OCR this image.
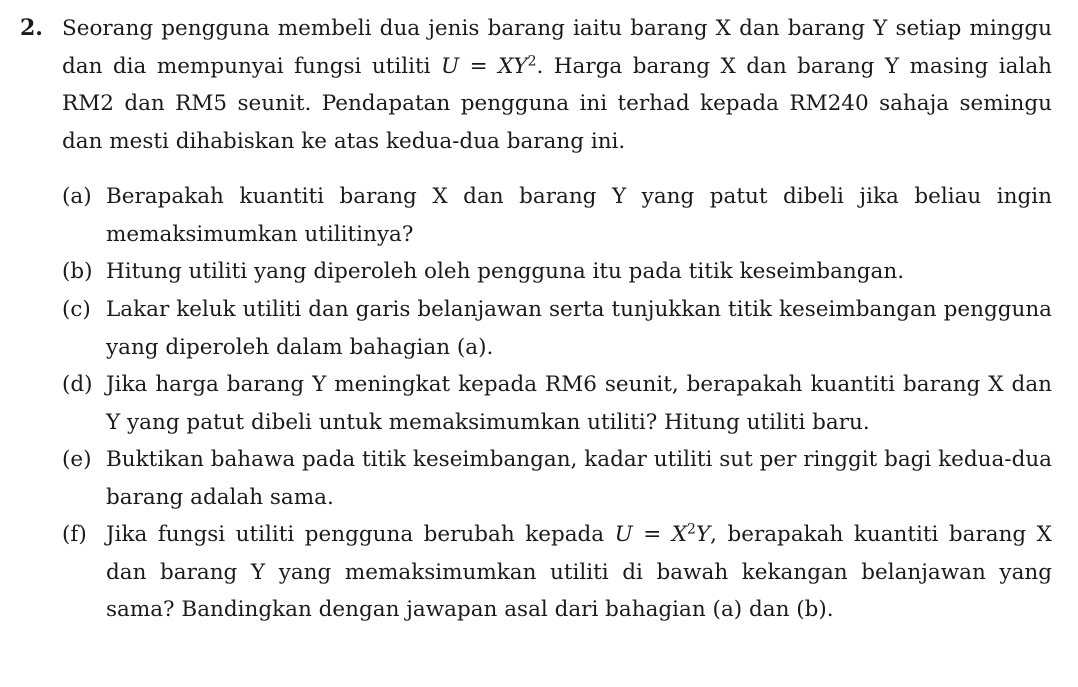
2. Seorang pengguna membeli dua jenis barang iaitu barang X dan barang Y setiap minggu dan dia mempunyai fungsi utiliti $U = XY^2$. Harga barang X dan barang Y masing ialah RM2 dan RM5 seunit. Pendapatan pengguna ini terhad kepada RM240 sahaja semingu dan mesti dihabiskan ke atas kedua-dua barang ini.
(a) Berapakah kuantiti barang X dan barang Y yang patut dibeli jika beliau ingin memaksimumkan utilitinya?
(b) Hitung utiliti yang diperoleh oleh pengguna itu pada titik keseimbangan.
(c) Lakar keluk utiliti dan garis belanjawan serta tunjukkan titik keseimbangan pengguna yang diperoleh dalam bahagian (a).
(d) Jika harga barang Y meningkat kepada RM6 seunit, berapakah kuantiti barang X dan Y yang patut dibeli untuk memaksimumkan utiliti? Hitung utiliti baru.
(e) Buktikan bahawa pada titik keseimbangan, kadar utiliti sut per ringgit bagi kedua-dua barang adalah sama.
(f) Jika fungsi utiliti pengguna berubah kepada $U = X^2Y$, berapakah kuantiti barang X dan barang Y yang memaksimumkan utiliti di bawah kekangan belanjawan yang sama? Bandingkan dengan jawapan asal dari bahagian (a) dan (b).
